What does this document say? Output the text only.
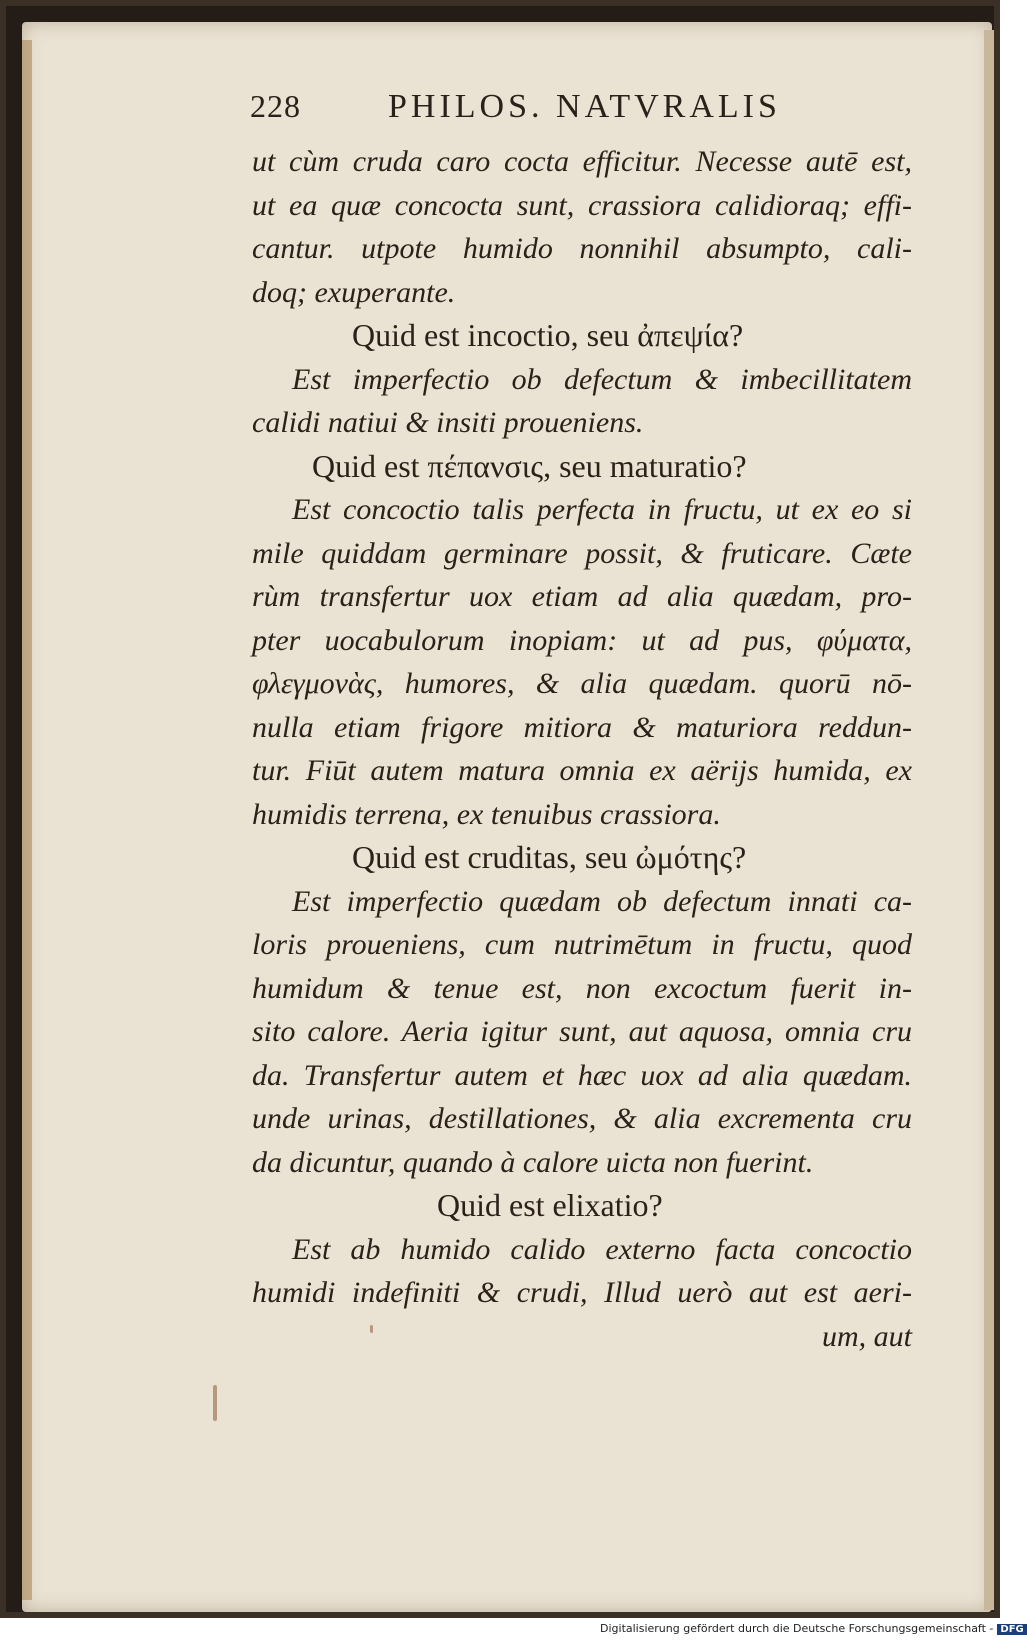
228	PHILOS. NATVRALIS
ut cùm cruda caro cocta efficitur. Necesse autē est,
ut ea quæ concocta sunt, crassiora calidioraq; effi-
cantur. utpote humido nonnihil absumpto, cali-
doq; exuperante.
Quid est incoctio, seu ἀπεψία?
Est imperfectio ob defectum & imbecillitatem
calidi natiui & insiti proueniens.
Quid est πέπανσις, seu maturatio?
Est concoctio talis perfecta in fructu, ut ex eo si
mile quiddam germinare possit, & fruticare. Cæte
rùm transfertur uox etiam ad alia quædam, pro-
pter uocabulorum inopiam: ut ad pus, φύματα,
φλεγμονὰς, humores, & alia quædam. quorū nō-
nulla etiam frigore mitiora & maturiora reddun-
tur. Fiūt autem matura omnia ex aërijs humida, ex
humidis terrena, ex tenuibus crassiora.
Quid est cruditas, seu ὠμότης?
Est imperfectio quædam ob defectum innati ca-
loris proueniens, cum nutrimētum in fructu, quod
humidum & tenue est, non excoctum fuerit in-
sito calore. Aeria igitur sunt, aut aquosa, omnia cru
da. Transfertur autem et hæc uox ad alia quædam.
unde urinas, destillationes, & alia excrementa cru
da dicuntur, quando à calore uicta non fuerint.
Quid est elixatio?
Est ab humido calido externo facta concoctio
humidi indefiniti & crudi, Illud uerò aut est aeri-
um, aut
Digitalisierung gefördert durch die Deutsche Forschungsgemeinschaft - DFG
